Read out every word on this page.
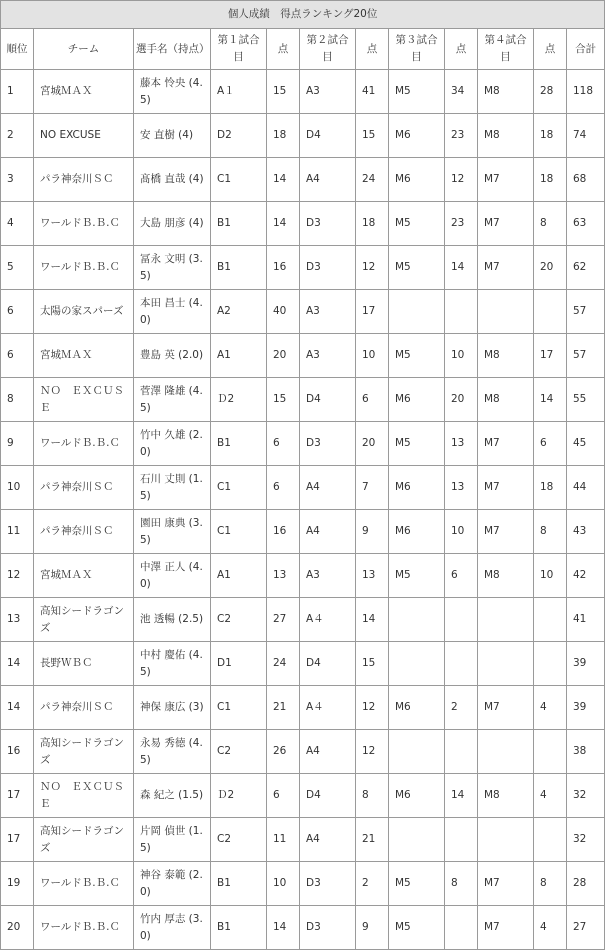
個人成績　得点ランキング20位											
順位	チーム	選手名（持点）	第１試合目	点	第２試合目	点	第３試合目	点	第４試合目	点	合計
1	宮城ＭＡＸ	藤本 怜央 (4.5)	A１	15	A3	41	M5	34	M8	28	118
2	NO EXCUSE	安 直樹 (4)	D2	18	D4	15	M6	23	M8	18	74
3	パラ神奈川ＳＣ	髙橋 直哉 (4)	C1	14	A4	24	M6	12	M7	18	68
4	ワールドＢ.Ｂ.Ｃ	大島 朋彦 (4)	B1	14	D3	18	M5	23	M7	8	63
5	ワールドＢ.Ｂ.Ｃ	冨永 文明 (3.5)	B1	16	D3	12	M5	14	M7	20	62
6	太陽の家スパーズ	本田 昌士 (4.0)	A2	40	A3	17					57
6	宮城ＭＡＸ	豊島 英 (2.0)	A1	20	A3	10	M5	10	M8	17	57
8	ＮＯ　ＥＸＣＵＳＥ	菅澤 隆雄 (4.5)	Ｄ2	15	D4	6	M6	20	M8	14	55
9	ワールドＢ.Ｂ.Ｃ	竹中 久雄 (2.0)	B1	6	D3	20	M5	13	M7	6	45
10	パラ神奈川ＳＣ	石川 丈則 (1.5)	C1	6	A4	7	M6	13	M7	18	44
11	パラ神奈川ＳＣ	園田 康典 (3.5)	C1	16	A4	9	M6	10	M7	8	43
12	宮城ＭＡＸ	中澤 正人 (4.0)	A1	13	A3	13	M5	6	M8	10	42
13	高知シードラゴンズ	池 透暢 (2.5)	C2	27	A４	14					41
14	長野ＷＢＣ	中村 慶佑 (4.5)	D1	24	D4	15					39
14	パラ神奈川ＳＣ	神保 康広 (3)	C1	21	A４	12	M6	2	M7	4	39
16	高知シードラゴンズ	永易 秀徳 (4.5)	C2	26	A4	12					38
17	ＮＯ　ＥＸＣＵＳＥ	森 紀之 (1.5)	Ｄ2	6	D4	8	M6	14	M8	4	32
17	高知シードラゴンズ	片岡 偵世 (1.5)	C2	11	A4	21					32
19	ワールドＢ.Ｂ.Ｃ	神谷 泰範 (2.0)	B1	10	D3	2	M5	8	M7	8	28
20	ワールドＢ.Ｂ.Ｃ	竹内 厚志 (3.0)	B1	14	D3	9	M5		M7	4	27
